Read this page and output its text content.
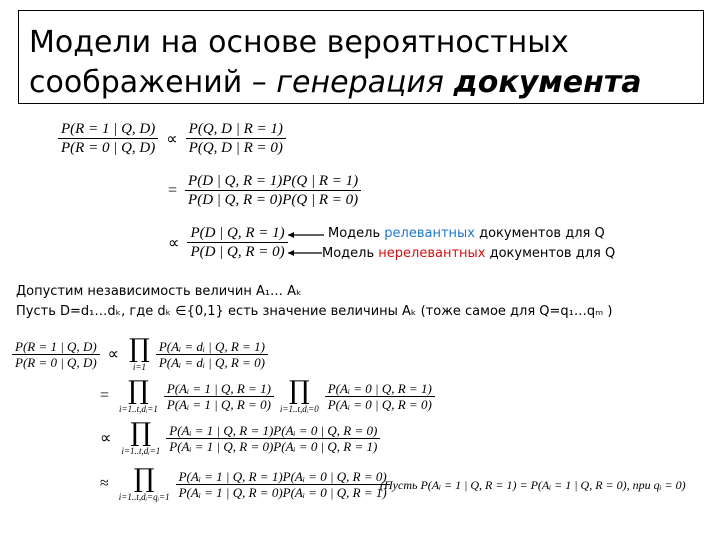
Модели на основе вероятностных
соображений – генерация документа
$\frac{P(R = 1 | Q, D)}{P(R = 0 | Q, D)} \propto \frac{P(Q, D | R = 1)}{P(Q, D | R = 0)}$
= $\frac{P(D | Q, R = 1)P(Q | R = 1)}{P(D | Q, R = 0)P(Q | R = 0)}$
∝ $\frac{P(D | Q, R = 1)}{P(D | Q, R = 0)}$	Модель релевантных документов для Q
Модель нерелевантных документов для Q
Допустим независимость величин A₁… Aₖ
Пусть D=d₁…dₖ, где dₖ ∈{0,1} есть значение величины Aₖ (тоже самое для Q=q₁…qₘ )
$\frac{P(R = 1 | Q, D)}{P(R = 0 | Q, D)}$ ∝ ∏
i=1
$\frac{\text{P(Aᵢ = dᵢ | Q, R = 1)}}{\text{P(Aᵢ = dᵢ | Q, R = 0)}}$
= ∏
i=1..t,dᵢ=1
$\frac{\text{P(Aᵢ = 1 | Q, R = 1)}}{\text{P(Aᵢ = 1 | Q, R = 0)}}$
∏
i=1..t,dᵢ=0
$\frac{\text{P(Aᵢ = 0 | Q, R = 1)}}{\text{P(Aᵢ = 0 | Q, R = 0)}}$
∝ ∏
i=1..t,dᵢ=1
$\frac{\text{P(Aᵢ = 1 | Q, R = 1)P(Aᵢ = 0 | Q, R = 0)}}{\text{P(Aᵢ = 1 | Q, R = 0)P(Aᵢ = 0 | Q, R = 1)}}$
≈ ∏
i=1..t,dᵢ=qᵢ=1
$\frac{\text{P(Aᵢ = 1 | Q, R = 1)P(Aᵢ = 0 | Q, R = 0)}}{\text{P(Aᵢ = 1 | Q, R = 0)P(Aᵢ = 0 | Q, R = 1)}}$
(Пусть P(Aᵢ = 1 | Q, R = 1) = P(Aᵢ = 1 | Q, R = 0), при qᵢ = 0)
